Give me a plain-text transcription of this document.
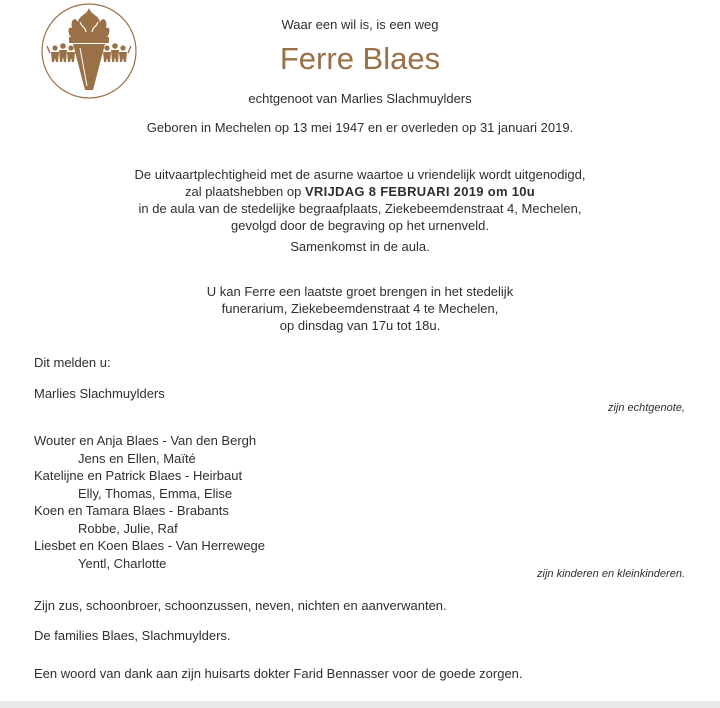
Waar een wil is, is een weg
Ferre Blaes
echtgenoot van Marlies Slachmuylders
Geboren in Mechelen op 13 mei 1947 en er overleden op 31 januari 2019.
De uitvaartplechtigheid met de asurne waartoe u vriendelijk wordt uitgenodigd,
zal plaatshebben op VRIJDAG 8 FEBRUARI 2019 om 10u
in de aula van de stedelijke begraafplaats, Ziekebeemdenstraat 4, Mechelen,
gevolgd door de begraving op het urnenveld.
Samenkomst in de aula.
U kan Ferre een laatste groet brengen in het stedelijk
funerarium, Ziekebeemdenstraat 4 te Mechelen,
op dinsdag van 17u tot 18u.
Dit melden u:
Marlies Slachmuylders
zijn echtgenote,
Wouter en Anja Blaes - Van den Bergh
Jens en Ellen, Maïté
Katelijne en Patrick Blaes - Heirbaut
Elly, Thomas, Emma, Elise
Koen en Tamara Blaes - Brabants
Robbe, Julie, Raf
Liesbet en Koen Blaes - Van Herrewege
Yentl, Charlotte
zijn kinderen en kleinkinderen.
Zijn zus, schoonbroer, schoonzussen, neven, nichten en aanverwanten.
De families Blaes, Slachmuylders.
Een woord van dank aan zijn huisarts dokter Farid Bennasser voor de goede zorgen.
